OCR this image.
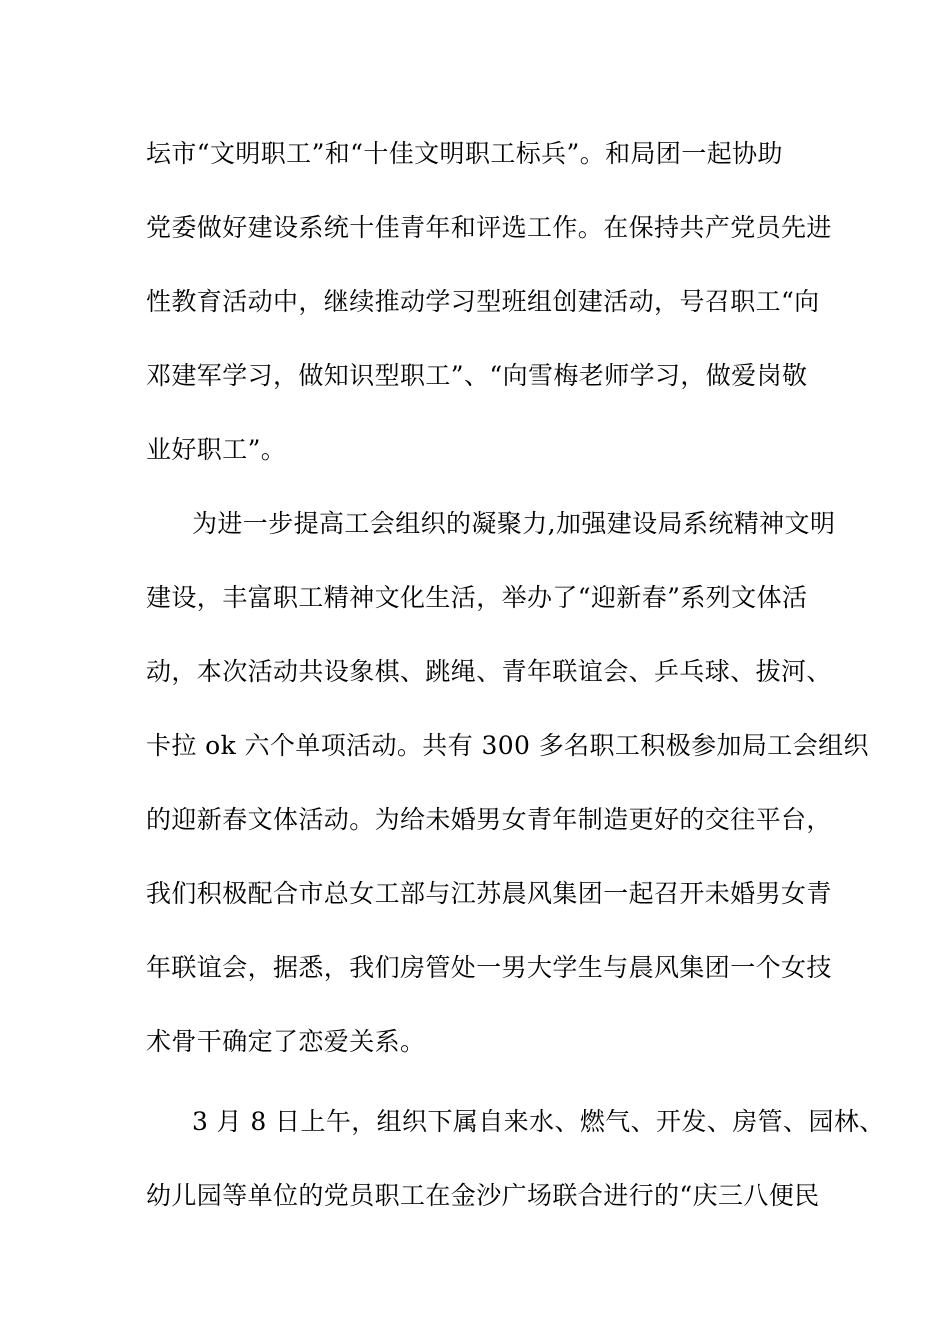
坛市“文明职工”和“十佳文明职工标兵”。和局团一起协助
党委做好建设系统十佳青年和评选工作。在保持共产党员先进
性教育活动中，继续推动学习型班组创建活动，号召职工“向
邓建军学习，做知识型职工”、“向雪梅老师学习，做爱岗敬
业好职工”。
为进一步提高工会组织的凝聚力,加强建设局系统精神文明
建设，丰富职工精神文化生活，举办了“迎新春”系列文体活
动，本次活动共设象棋、跳绳、青年联谊会、乒乓球、拔河、
卡拉 ok 六个单项活动。共有 300 多名职工积极参加局工会组织
的迎新春文体活动。为给未婚男女青年制造更好的交往平台，
我们积极配合市总女工部与江苏晨风集团一起召开未婚男女青
年联谊会，据悉，我们房管处一男大学生与晨风集团一个女技
术骨干确定了恋爱关系。
3 月 8 日上午，组织下属自来水、燃气、开发、房管、园林、
幼儿园等单位的党员职工在金沙广场联合进行的“庆三八便民
